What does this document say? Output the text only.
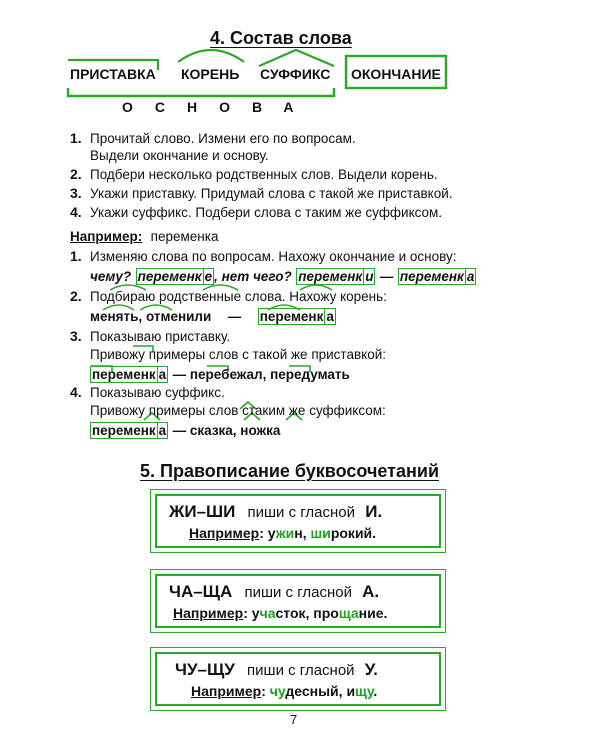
4. Состав слова
ПРИСТАВКА КОРЕНЬ СУФФИКС ОКОНЧАНИЕ
ОСНОВА
1. Прочитай слово. Измени его по вопросам.
Выдели окончание и основу.
2. Подбери несколько родственных слов. Выдели корень.
3. Укажи приставку. Придумай слова с такой же приставкой.
4. Укажи суффикс. Подбери слова с таким же суффиксом.
Например: переменка
1. Изменяю слова по вопросам. Нахожу окончание и основу:
чему? переменк е , нет чего? переменк и — переменк а
2. Подбираю родственные слова. Нахожу корень:
менять, отменили — переменк а
3. Показываю приставку.
Привожу примеры слов с такой же приставкой:
переменк а — перебежал, передумать
4. Показываю суффикс.
Привожу примеры слов стаким же суффиксом:
переменк а — сказка, ножка
5. Правописание буквосочетаний
ЖИ–ШИ пиши с гласной И.
Например: ужин, широкий.
ЧА–ЩА пиши с гласной А.
Например: участок, прощание.
ЧУ–ЩУ пиши с гласной У.
Например: чудесный, ищу.
7
